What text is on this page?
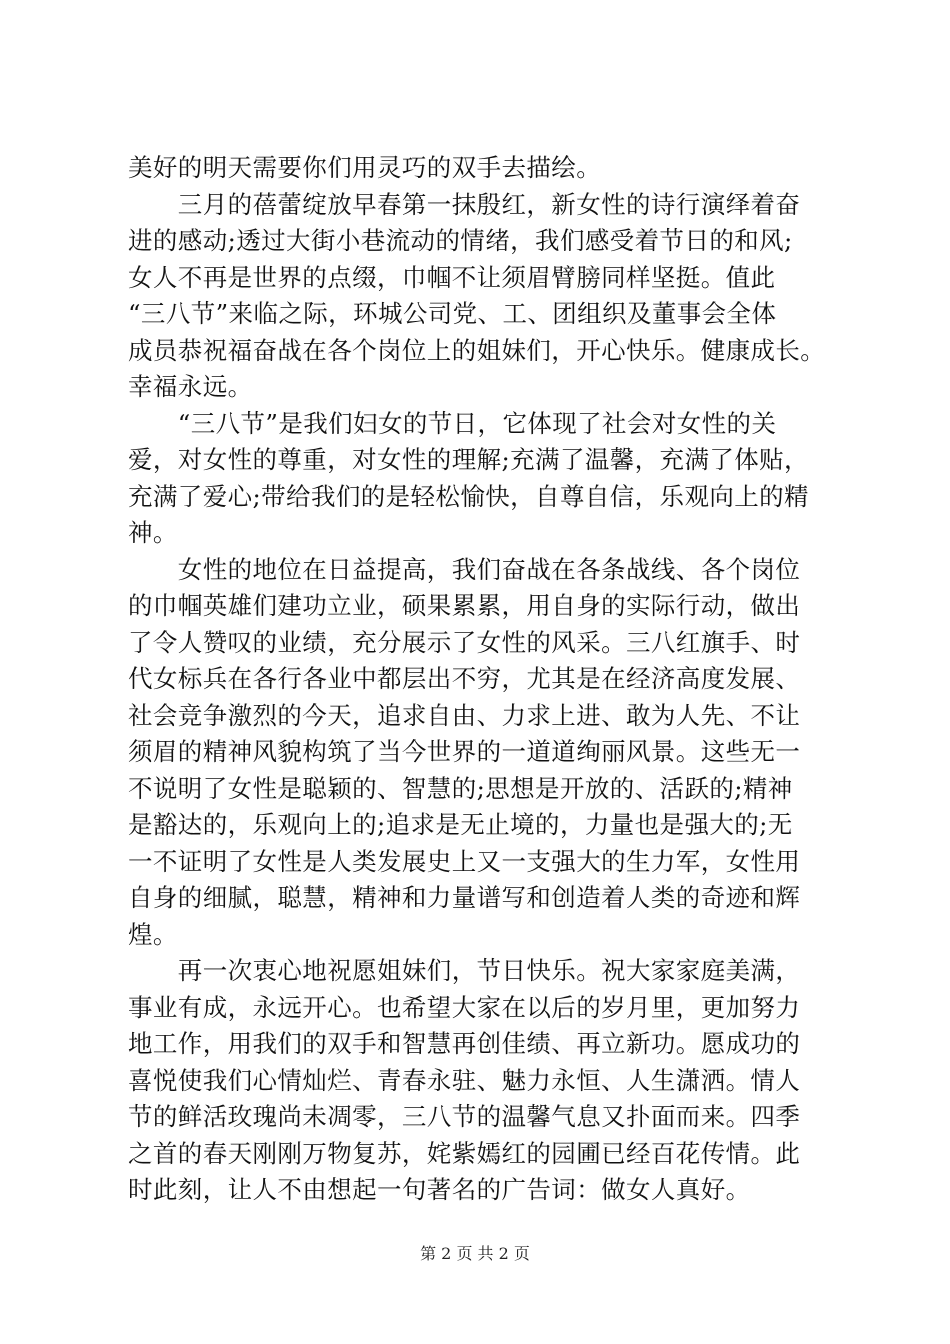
美好的明天需要你们用灵巧的双手去描绘。
　　三月的蓓蕾绽放早春第一抹殷红，新女性的诗行演绎着奋
进的感动;透过大街小巷流动的情绪，我们感受着节日的和风;
女人不再是世界的点缀，巾帼不让须眉臂膀同样坚挺。值此
“三八节”来临之际，环城公司党、工、团组织及董事会全体
成员恭祝福奋战在各个岗位上的姐妹们，开心快乐。健康成长。
幸福永远。
　　“三八节”是我们妇女的节日，它体现了社会对女性的关
爱，对女性的尊重，对女性的理解;充满了温馨，充满了体贴，
充满了爱心;带给我们的是轻松愉快，自尊自信，乐观向上的精
神。
　　女性的地位在日益提高，我们奋战在各条战线、各个岗位
的巾帼英雄们建功立业，硕果累累，用自身的实际行动，做出
了令人赞叹的业绩，充分展示了女性的风采。三八红旗手、时
代女标兵在各行各业中都层出不穷，尤其是在经济高度发展、
社会竞争激烈的今天，追求自由、力求上进、敢为人先、不让
须眉的精神风貌构筑了当今世界的一道道绚丽风景。这些无一
不说明了女性是聪颖的、智慧的;思想是开放的、活跃的;精神
是豁达的，乐观向上的;追求是无止境的，力量也是强大的;无
一不证明了女性是人类发展史上又一支强大的生力军，女性用
自身的细腻，聪慧，精神和力量谱写和创造着人类的奇迹和辉
煌。
　　再一次衷心地祝愿姐妹们，节日快乐。祝大家家庭美满，
事业有成，永远开心。也希望大家在以后的岁月里，更加努力
地工作，用我们的双手和智慧再创佳绩、再立新功。愿成功的
喜悦使我们心情灿烂、青春永驻、魅力永恒、人生潇洒。情人
节的鲜活玫瑰尚未凋零，三八节的温馨气息又扑面而来。四季
之首的春天刚刚万物复苏，姹紫嫣红的园圃已经百花传情。此
时此刻，让人不由想起一句著名的广告词：做女人真好。
第 2 页 共 2 页
